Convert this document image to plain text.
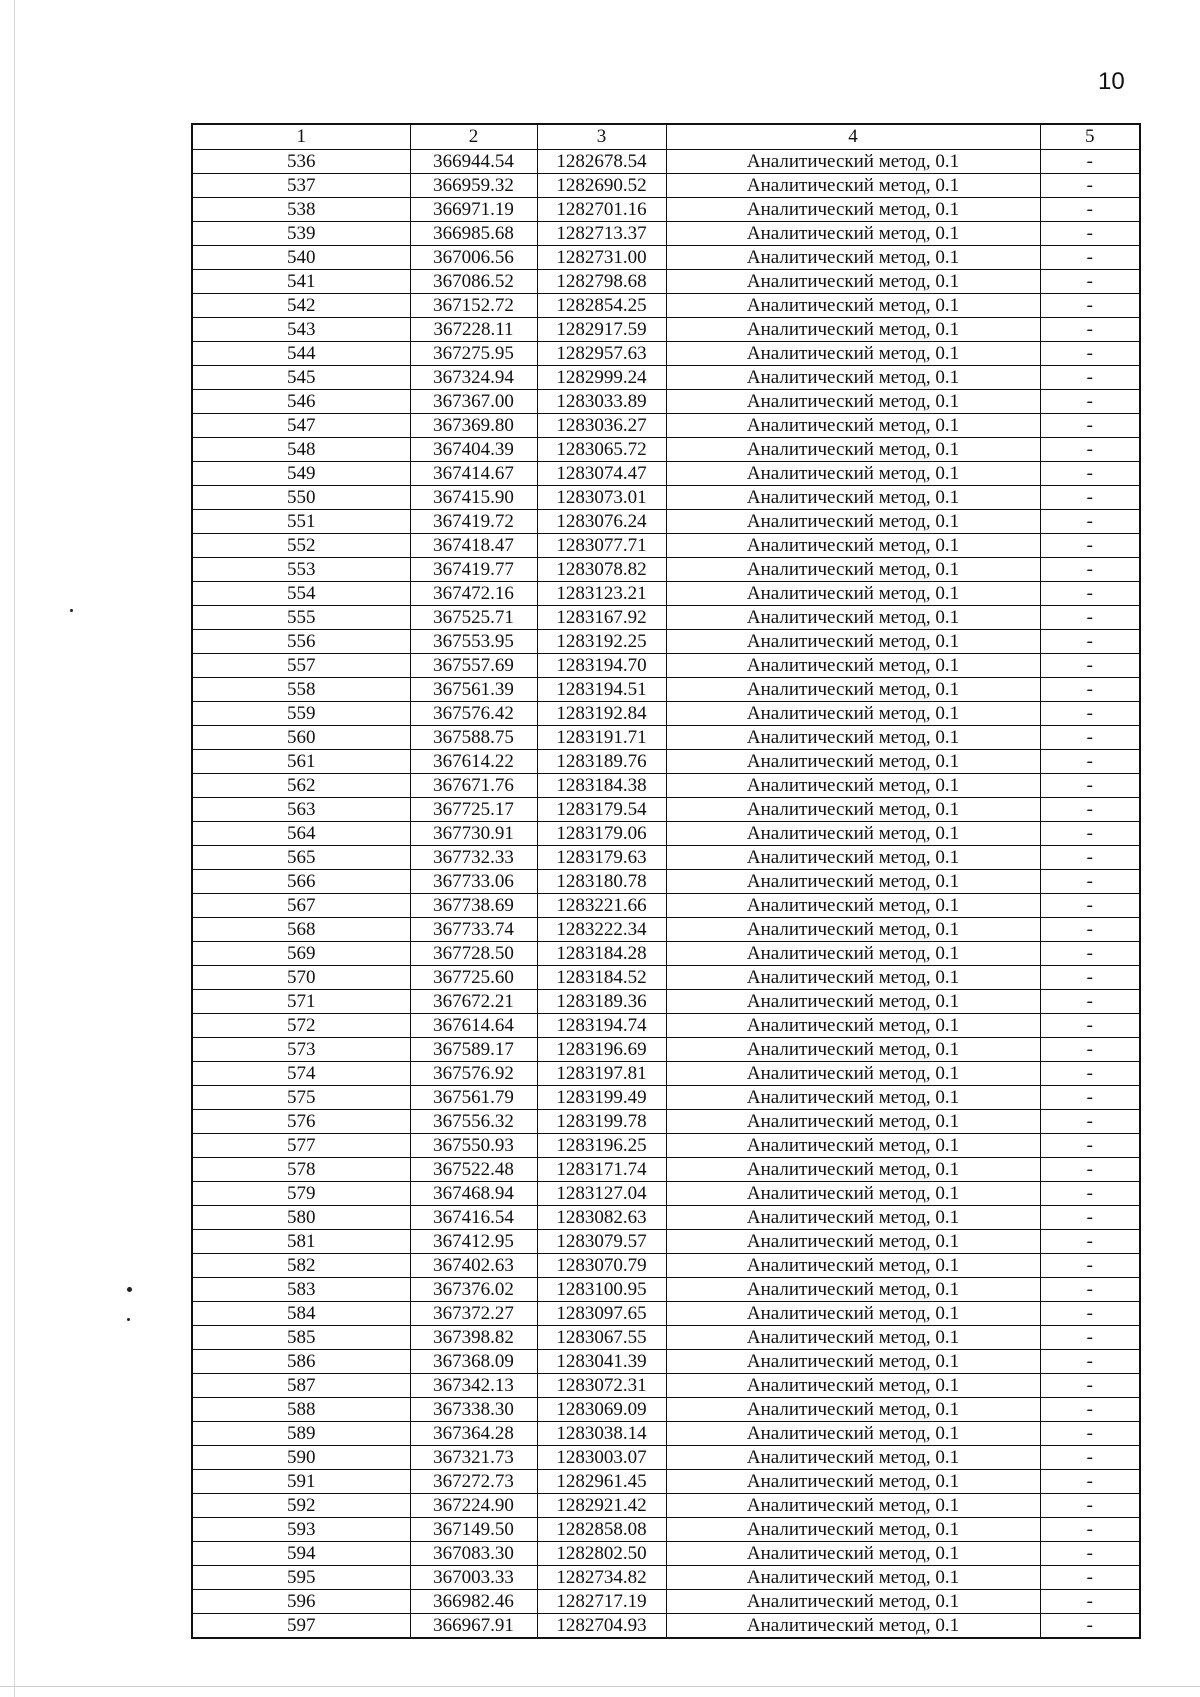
10
1	2	3	4	5
536	366944.54	1282678.54	Аналитический метод, 0.1	-
537	366959.32	1282690.52	Аналитический метод, 0.1	-
538	366971.19	1282701.16	Аналитический метод, 0.1	-
539	366985.68	1282713.37	Аналитический метод, 0.1	-
540	367006.56	1282731.00	Аналитический метод, 0.1	-
541	367086.52	1282798.68	Аналитический метод, 0.1	-
542	367152.72	1282854.25	Аналитический метод, 0.1	-
543	367228.11	1282917.59	Аналитический метод, 0.1	-
544	367275.95	1282957.63	Аналитический метод, 0.1	-
545	367324.94	1282999.24	Аналитический метод, 0.1	-
546	367367.00	1283033.89	Аналитический метод, 0.1	-
547	367369.80	1283036.27	Аналитический метод, 0.1	-
548	367404.39	1283065.72	Аналитический метод, 0.1	-
549	367414.67	1283074.47	Аналитический метод, 0.1	-
550	367415.90	1283073.01	Аналитический метод, 0.1	-
551	367419.72	1283076.24	Аналитический метод, 0.1	-
552	367418.47	1283077.71	Аналитический метод, 0.1	-
553	367419.77	1283078.82	Аналитический метод, 0.1	-
554	367472.16	1283123.21	Аналитический метод, 0.1	-
555	367525.71	1283167.92	Аналитический метод, 0.1	-
556	367553.95	1283192.25	Аналитический метод, 0.1	-
557	367557.69	1283194.70	Аналитический метод, 0.1	-
558	367561.39	1283194.51	Аналитический метод, 0.1	-
559	367576.42	1283192.84	Аналитический метод, 0.1	-
560	367588.75	1283191.71	Аналитический метод, 0.1	-
561	367614.22	1283189.76	Аналитический метод, 0.1	-
562	367671.76	1283184.38	Аналитический метод, 0.1	-
563	367725.17	1283179.54	Аналитический метод, 0.1	-
564	367730.91	1283179.06	Аналитический метод, 0.1	-
565	367732.33	1283179.63	Аналитический метод, 0.1	-
566	367733.06	1283180.78	Аналитический метод, 0.1	-
567	367738.69	1283221.66	Аналитический метод, 0.1	-
568	367733.74	1283222.34	Аналитический метод, 0.1	-
569	367728.50	1283184.28	Аналитический метод, 0.1	-
570	367725.60	1283184.52	Аналитический метод, 0.1	-
571	367672.21	1283189.36	Аналитический метод, 0.1	-
572	367614.64	1283194.74	Аналитический метод, 0.1	-
573	367589.17	1283196.69	Аналитический метод, 0.1	-
574	367576.92	1283197.81	Аналитический метод, 0.1	-
575	367561.79	1283199.49	Аналитический метод, 0.1	-
576	367556.32	1283199.78	Аналитический метод, 0.1	-
577	367550.93	1283196.25	Аналитический метод, 0.1	-
578	367522.48	1283171.74	Аналитический метод, 0.1	-
579	367468.94	1283127.04	Аналитический метод, 0.1	-
580	367416.54	1283082.63	Аналитический метод, 0.1	-
581	367412.95	1283079.57	Аналитический метод, 0.1	-
582	367402.63	1283070.79	Аналитический метод, 0.1	-
583	367376.02	1283100.95	Аналитический метод, 0.1	-
584	367372.27	1283097.65	Аналитический метод, 0.1	-
585	367398.82	1283067.55	Аналитический метод, 0.1	-
586	367368.09	1283041.39	Аналитический метод, 0.1	-
587	367342.13	1283072.31	Аналитический метод, 0.1	-
588	367338.30	1283069.09	Аналитический метод, 0.1	-
589	367364.28	1283038.14	Аналитический метод, 0.1	-
590	367321.73	1283003.07	Аналитический метод, 0.1	-
591	367272.73	1282961.45	Аналитический метод, 0.1	-
592	367224.90	1282921.42	Аналитический метод, 0.1	-
593	367149.50	1282858.08	Аналитический метод, 0.1	-
594	367083.30	1282802.50	Аналитический метод, 0.1	-
595	367003.33	1282734.82	Аналитический метод, 0.1	-
596	366982.46	1282717.19	Аналитический метод, 0.1	-
597	366967.91	1282704.93	Аналитический метод, 0.1	-
